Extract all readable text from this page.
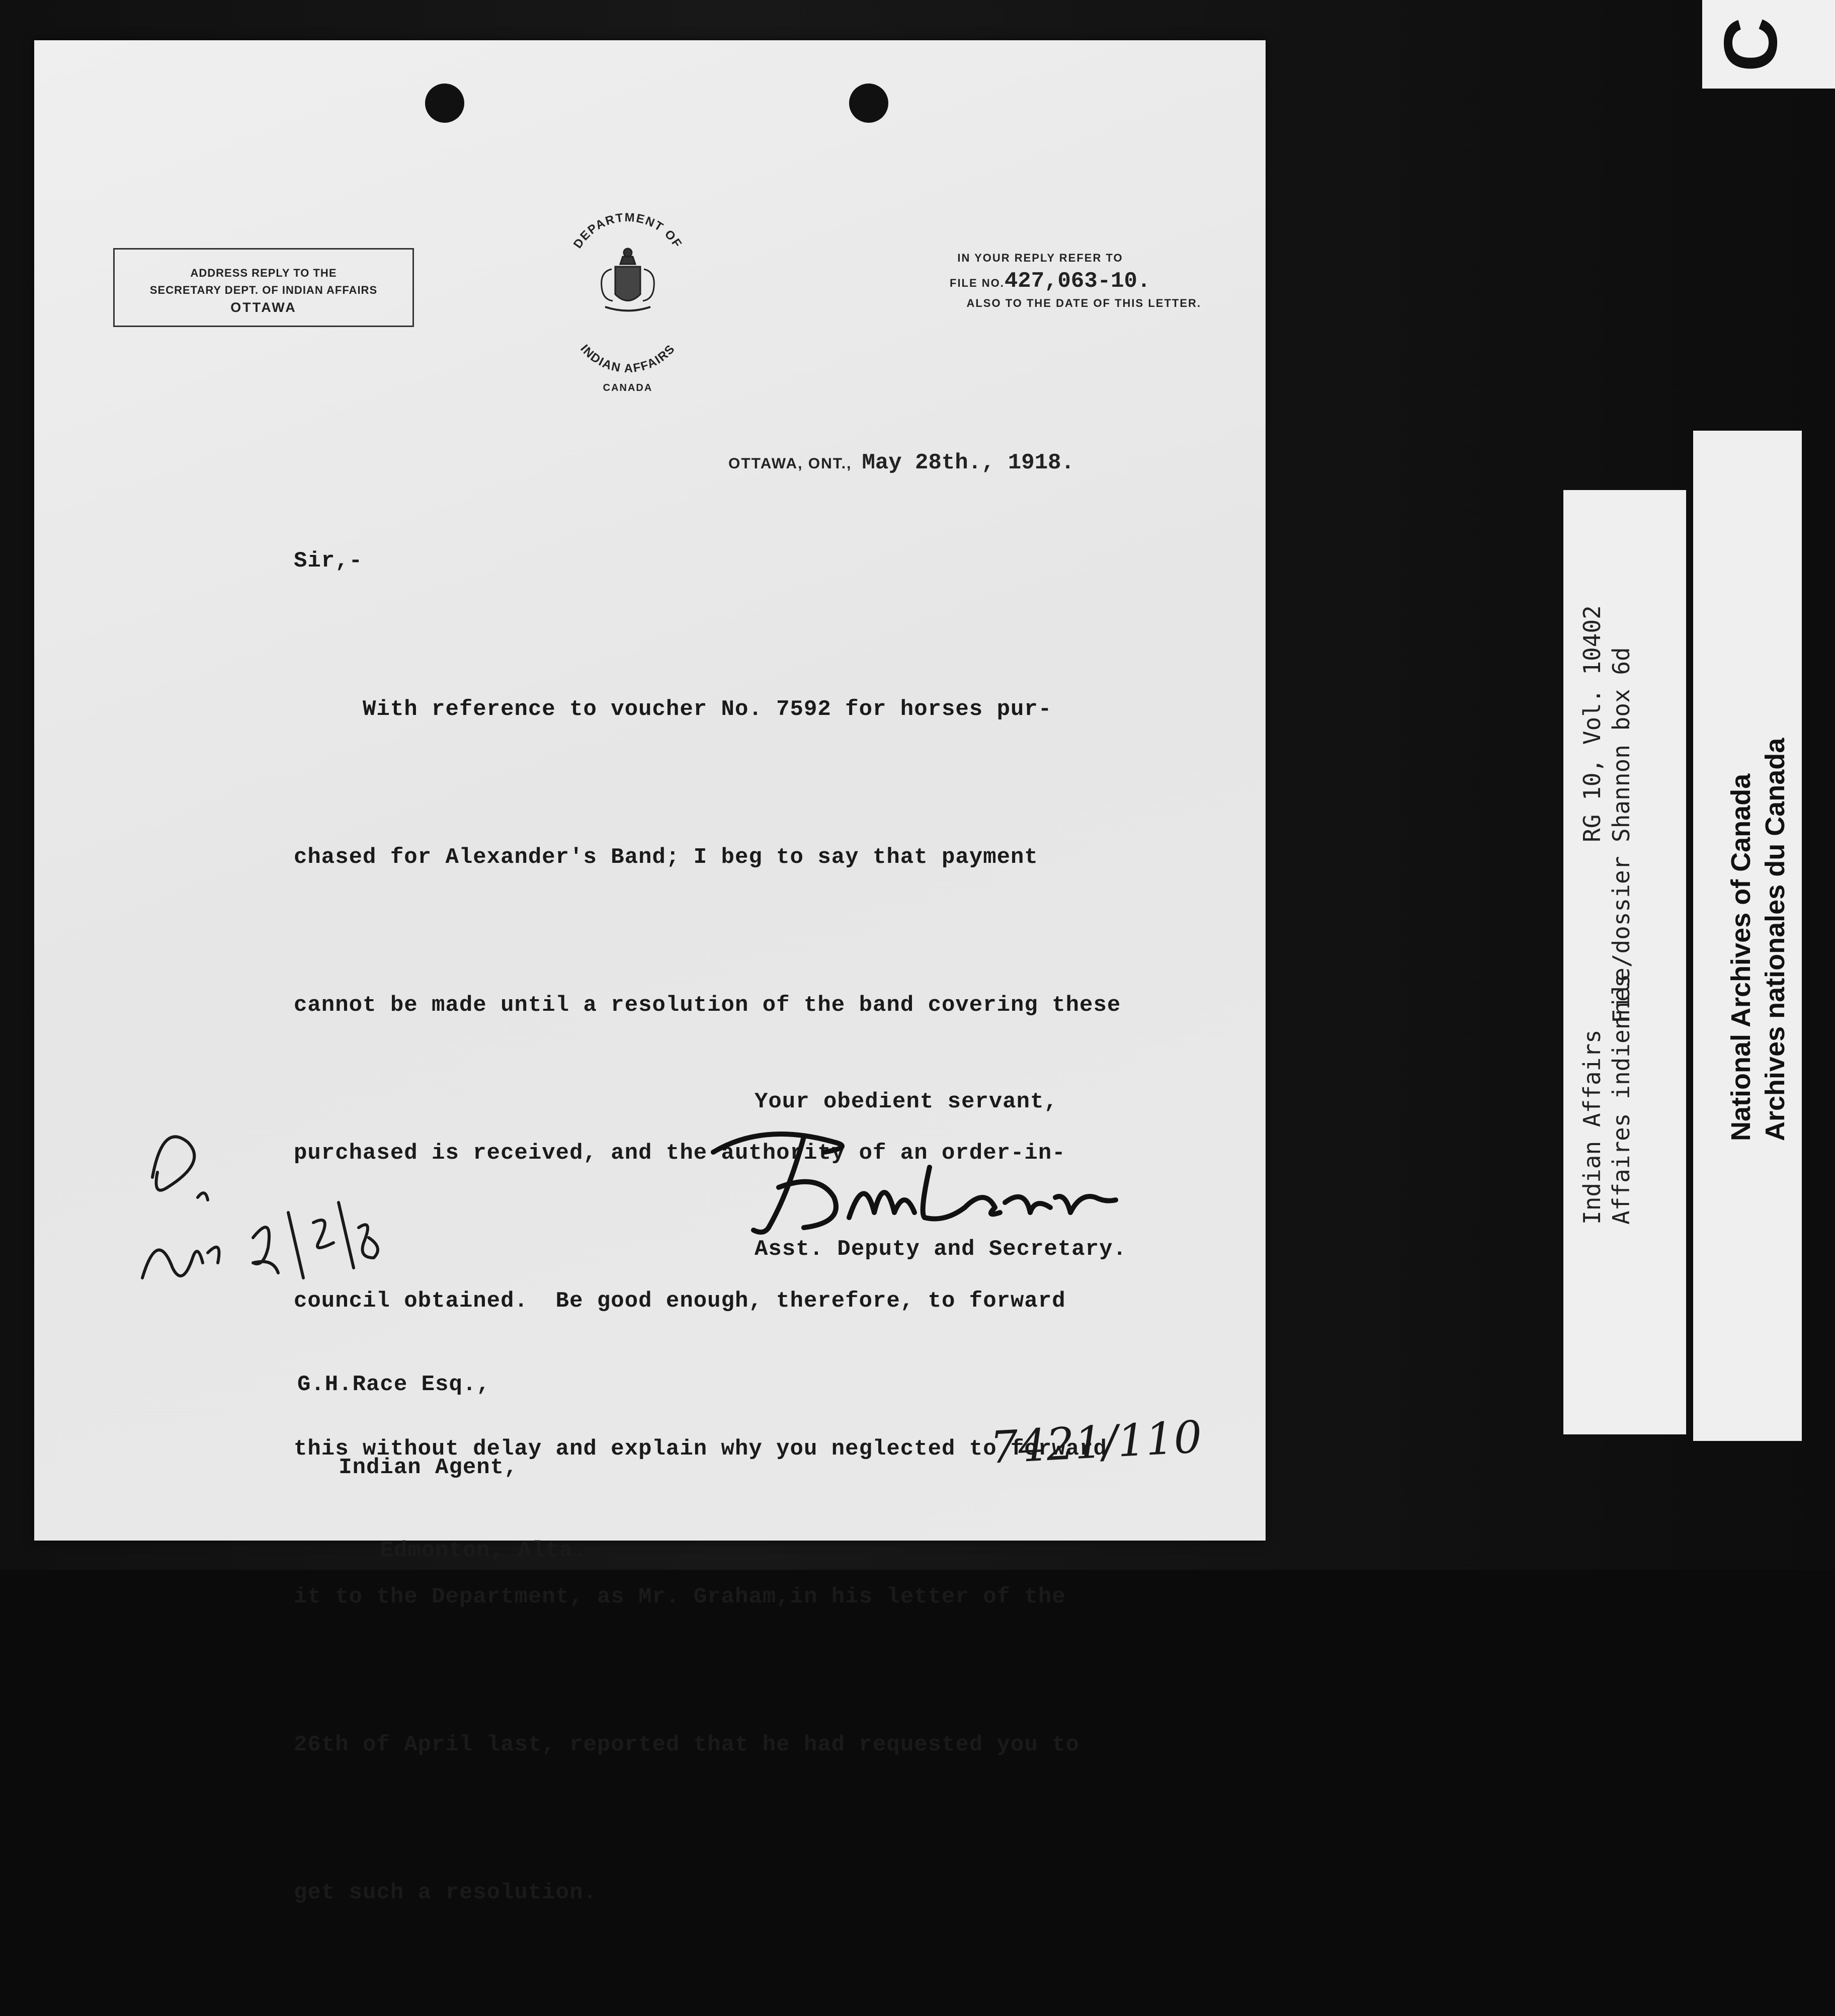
ADDRESS REPLY TO THE
SECRETARY DEPT. OF INDIAN AFFAIRS
OTTAWA
DEPARTMENT OF
INDIAN AFFAIRS
CANADA
IN YOUR REPLY REFER TO
FILE NO.427,063-10.
ALSO TO THE DATE OF THIS LETTER.
OTTAWA, ONT., May 28th., 1918.
Sir,-

With reference to voucher No. 7592 for horses pur-

chased for Alexander's Band; I beg to say that payment

cannot be made until a resolution of the band covering these

purchased is received, and the authority of an order-in-

council obtained.  Be good enough, therefore, to forward

this without delay and explain why you neglected to forward

it to the Department, as Mr. Graham,in his letter of the

26th of April last, reported that he had requested you to

get such a resolution.

Your obedient servant,
Asst. Deputy and Secretary.

G.H.Race Esq.,

Indian Agent,

Edmonton, Alta.

7421/110
Indian Affairs Affaires indiennes
RG 10, Vol. 10402 File/dossier Shannon box 6d	National Archives of Canada Archives nationales du Canada
C
